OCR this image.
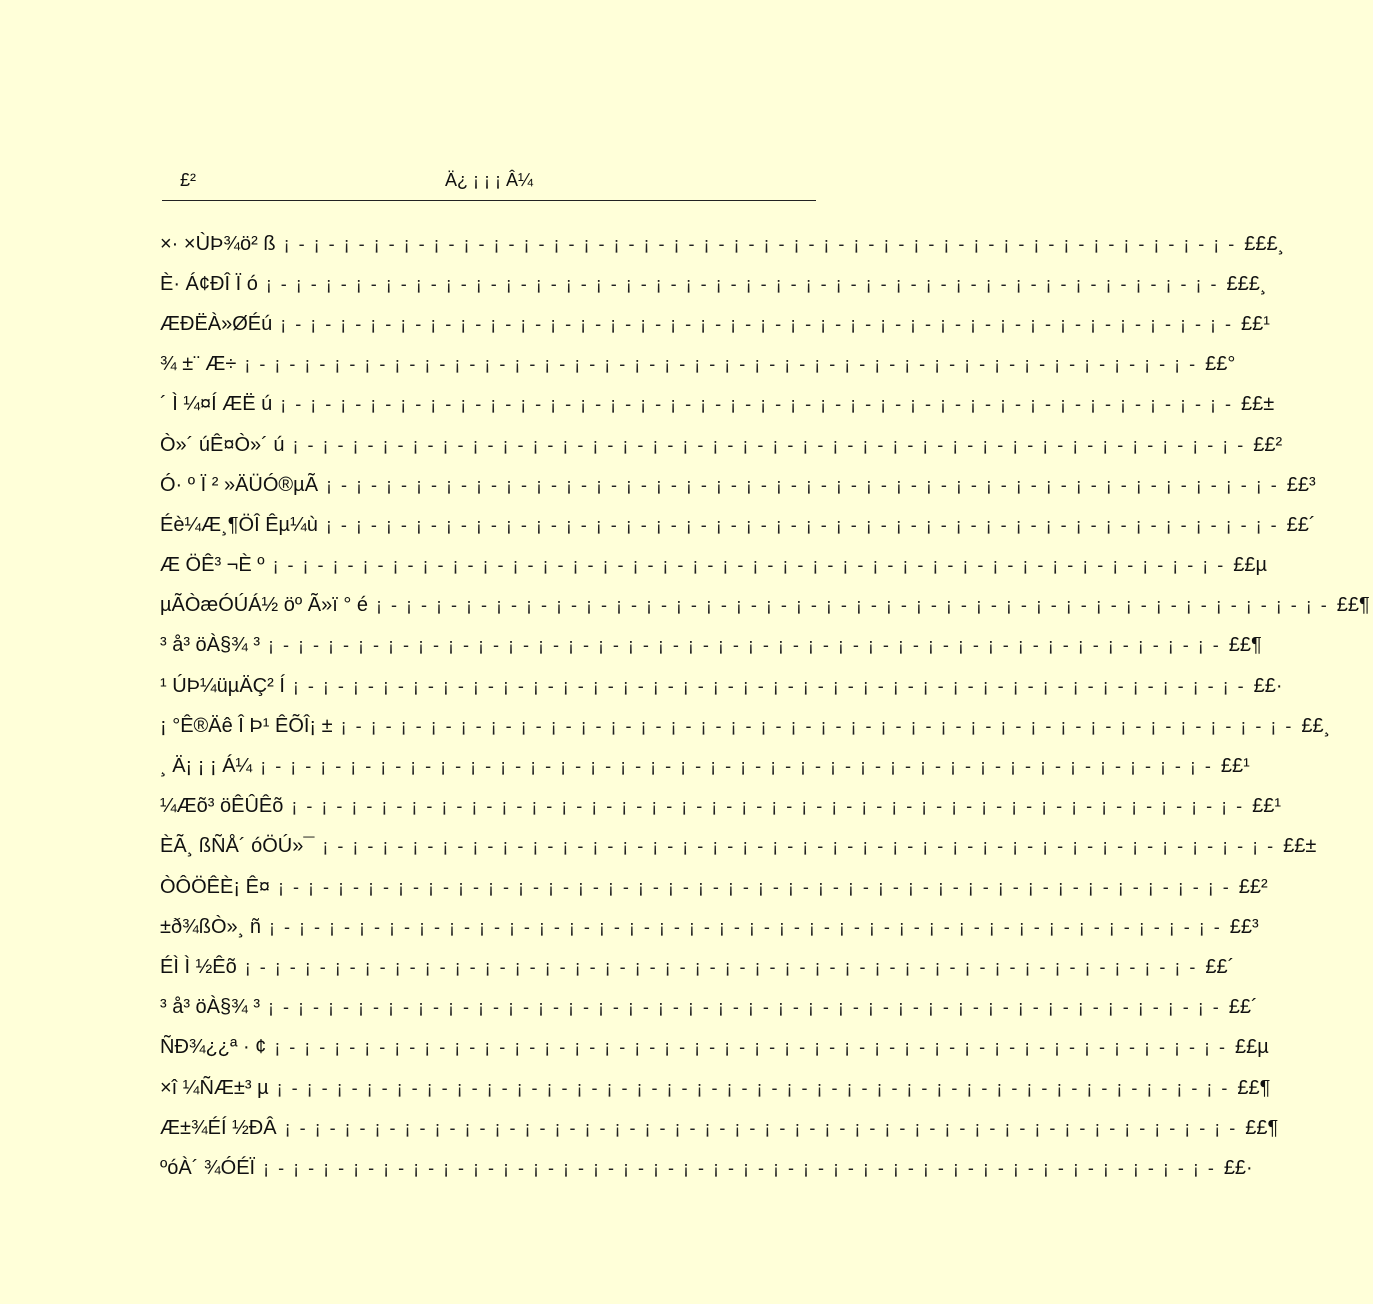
£²	Ä¿ ¡ ¡ ¡ Â¼
×· ×ÙÞ¾ö² ß ¡ - ¡ - ¡ - ¡ - ¡ - ¡ - ¡ - ¡ - ¡ - ¡ - ¡ - ¡ - ¡ - ¡ - ¡ - ¡ - ¡ - ¡ - ¡ - ¡ - ¡ - ¡ - ¡ - ¡ - ¡ - ¡ - ¡ - ¡ - ¡ - ¡ - ¡ - ¡ - £££¸
È· Á¢ÐÎ Ï ó ¡ - ¡ - ¡ - ¡ - ¡ - ¡ - ¡ - ¡ - ¡ - ¡ - ¡ - ¡ - ¡ - ¡ - ¡ - ¡ - ¡ - ¡ - ¡ - ¡ - ¡ - ¡ - ¡ - ¡ - ¡ - ¡ - ¡ - ¡ - ¡ - ¡ - ¡ - ¡ - £££¸
ÆÐËÀ»ØÉú ¡ - ¡ - ¡ - ¡ - ¡ - ¡ - ¡ - ¡ - ¡ - ¡ - ¡ - ¡ - ¡ - ¡ - ¡ - ¡ - ¡ - ¡ - ¡ - ¡ - ¡ - ¡ - ¡ - ¡ - ¡ - ¡ - ¡ - ¡ - ¡ - ¡ - ¡ - ¡ - ££¹
¾ ±¨ Æ÷ ¡ - ¡ - ¡ - ¡ - ¡ - ¡ - ¡ - ¡ - ¡ - ¡ - ¡ - ¡ - ¡ - ¡ - ¡ - ¡ - ¡ - ¡ - ¡ - ¡ - ¡ - ¡ - ¡ - ¡ - ¡ - ¡ - ¡ - ¡ - ¡ - ¡ - ¡ - ¡ - ££°
´ Ì ¼¤Í ÆË ú ¡ - ¡ - ¡ - ¡ - ¡ - ¡ - ¡ - ¡ - ¡ - ¡ - ¡ - ¡ - ¡ - ¡ - ¡ - ¡ - ¡ - ¡ - ¡ - ¡ - ¡ - ¡ - ¡ - ¡ - ¡ - ¡ - ¡ - ¡ - ¡ - ¡ - ¡ - ¡ - ££±
Ò»´ úÊ¤Ò»´ ú ¡ - ¡ - ¡ - ¡ - ¡ - ¡ - ¡ - ¡ - ¡ - ¡ - ¡ - ¡ - ¡ - ¡ - ¡ - ¡ - ¡ - ¡ - ¡ - ¡ - ¡ - ¡ - ¡ - ¡ - ¡ - ¡ - ¡ - ¡ - ¡ - ¡ - ¡ - ¡ - ££²
Ó· º Ï ² »ÄÜÓ®µÃ ¡ - ¡ - ¡ - ¡ - ¡ - ¡ - ¡ - ¡ - ¡ - ¡ - ¡ - ¡ - ¡ - ¡ - ¡ - ¡ - ¡ - ¡ - ¡ - ¡ - ¡ - ¡ - ¡ - ¡ - ¡ - ¡ - ¡ - ¡ - ¡ - ¡ - ¡ - ¡ - ££³
Éè¼Æ¸¶ÖÎ Êµ¼ù ¡ - ¡ - ¡ - ¡ - ¡ - ¡ - ¡ - ¡ - ¡ - ¡ - ¡ - ¡ - ¡ - ¡ - ¡ - ¡ - ¡ - ¡ - ¡ - ¡ - ¡ - ¡ - ¡ - ¡ - ¡ - ¡ - ¡ - ¡ - ¡ - ¡ - ¡ - ¡ - ££´
Æ ÖÊ³ ¬È º ¡ - ¡ - ¡ - ¡ - ¡ - ¡ - ¡ - ¡ - ¡ - ¡ - ¡ - ¡ - ¡ - ¡ - ¡ - ¡ - ¡ - ¡ - ¡ - ¡ - ¡ - ¡ - ¡ - ¡ - ¡ - ¡ - ¡ - ¡ - ¡ - ¡ - ¡ - ¡ - ££µ
µÃÒæÓÚÁ½ öº Ã»ï ° é ¡ - ¡ - ¡ - ¡ - ¡ - ¡ - ¡ - ¡ - ¡ - ¡ - ¡ - ¡ - ¡ - ¡ - ¡ - ¡ - ¡ - ¡ - ¡ - ¡ - ¡ - ¡ - ¡ - ¡ - ¡ - ¡ - ¡ - ¡ - ¡ - ¡ - ¡ - ¡ - ££¶
³ å³ öÀ§¾ ³ ¡ - ¡ - ¡ - ¡ - ¡ - ¡ - ¡ - ¡ - ¡ - ¡ - ¡ - ¡ - ¡ - ¡ - ¡ - ¡ - ¡ - ¡ - ¡ - ¡ - ¡ - ¡ - ¡ - ¡ - ¡ - ¡ - ¡ - ¡ - ¡ - ¡ - ¡ - ¡ - ££¶
¹ ÚÞ¼üµÄÇ² Í ¡ - ¡ - ¡ - ¡ - ¡ - ¡ - ¡ - ¡ - ¡ - ¡ - ¡ - ¡ - ¡ - ¡ - ¡ - ¡ - ¡ - ¡ - ¡ - ¡ - ¡ - ¡ - ¡ - ¡ - ¡ - ¡ - ¡ - ¡ - ¡ - ¡ - ¡ - ¡ - ££·
¡ °Ê®Äê Î Þ¹ ÊÕÎ¡ ± ¡ - ¡ - ¡ - ¡ - ¡ - ¡ - ¡ - ¡ - ¡ - ¡ - ¡ - ¡ - ¡ - ¡ - ¡ - ¡ - ¡ - ¡ - ¡ - ¡ - ¡ - ¡ - ¡ - ¡ - ¡ - ¡ - ¡ - ¡ - ¡ - ¡ - ¡ - ¡ - ££¸
¸ Ä¡ ¡ ¡ Á¼ ¡ - ¡ - ¡ - ¡ - ¡ - ¡ - ¡ - ¡ - ¡ - ¡ - ¡ - ¡ - ¡ - ¡ - ¡ - ¡ - ¡ - ¡ - ¡ - ¡ - ¡ - ¡ - ¡ - ¡ - ¡ - ¡ - ¡ - ¡ - ¡ - ¡ - ¡ - ¡ - ££¹
¼Æõ³ öÊÛÊõ ¡ - ¡ - ¡ - ¡ - ¡ - ¡ - ¡ - ¡ - ¡ - ¡ - ¡ - ¡ - ¡ - ¡ - ¡ - ¡ - ¡ - ¡ - ¡ - ¡ - ¡ - ¡ - ¡ - ¡ - ¡ - ¡ - ¡ - ¡ - ¡ - ¡ - ¡ - ¡ - ££¹
ÈÃ¸ ßÑÅ´ óÖÚ»¯ ¡ - ¡ - ¡ - ¡ - ¡ - ¡ - ¡ - ¡ - ¡ - ¡ - ¡ - ¡ - ¡ - ¡ - ¡ - ¡ - ¡ - ¡ - ¡ - ¡ - ¡ - ¡ - ¡ - ¡ - ¡ - ¡ - ¡ - ¡ - ¡ - ¡ - ¡ - ¡ - ££±
ÒÔÖÊÈ¡ Ê¤ ¡ - ¡ - ¡ - ¡ - ¡ - ¡ - ¡ - ¡ - ¡ - ¡ - ¡ - ¡ - ¡ - ¡ - ¡ - ¡ - ¡ - ¡ - ¡ - ¡ - ¡ - ¡ - ¡ - ¡ - ¡ - ¡ - ¡ - ¡ - ¡ - ¡ - ¡ - ¡ - ££²
±ð¾ßÒ»¸ ñ ¡ - ¡ - ¡ - ¡ - ¡ - ¡ - ¡ - ¡ - ¡ - ¡ - ¡ - ¡ - ¡ - ¡ - ¡ - ¡ - ¡ - ¡ - ¡ - ¡ - ¡ - ¡ - ¡ - ¡ - ¡ - ¡ - ¡ - ¡ - ¡ - ¡ - ¡ - ¡ - ££³
ÉÌ Ì ½Êõ ¡ - ¡ - ¡ - ¡ - ¡ - ¡ - ¡ - ¡ - ¡ - ¡ - ¡ - ¡ - ¡ - ¡ - ¡ - ¡ - ¡ - ¡ - ¡ - ¡ - ¡ - ¡ - ¡ - ¡ - ¡ - ¡ - ¡ - ¡ - ¡ - ¡ - ¡ - ¡ - ££´
³ å³ öÀ§¾ ³ ¡ - ¡ - ¡ - ¡ - ¡ - ¡ - ¡ - ¡ - ¡ - ¡ - ¡ - ¡ - ¡ - ¡ - ¡ - ¡ - ¡ - ¡ - ¡ - ¡ - ¡ - ¡ - ¡ - ¡ - ¡ - ¡ - ¡ - ¡ - ¡ - ¡ - ¡ - ¡ - ££´
ÑÐ¾¿¿ª · ¢ ¡ - ¡ - ¡ - ¡ - ¡ - ¡ - ¡ - ¡ - ¡ - ¡ - ¡ - ¡ - ¡ - ¡ - ¡ - ¡ - ¡ - ¡ - ¡ - ¡ - ¡ - ¡ - ¡ - ¡ - ¡ - ¡ - ¡ - ¡ - ¡ - ¡ - ¡ - ¡ - ££µ
×î ¼ÑÆ±³ µ ¡ - ¡ - ¡ - ¡ - ¡ - ¡ - ¡ - ¡ - ¡ - ¡ - ¡ - ¡ - ¡ - ¡ - ¡ - ¡ - ¡ - ¡ - ¡ - ¡ - ¡ - ¡ - ¡ - ¡ - ¡ - ¡ - ¡ - ¡ - ¡ - ¡ - ¡ - ¡ - ££¶
Æ±¾ÉÍ ½ÐÂ ¡ - ¡ - ¡ - ¡ - ¡ - ¡ - ¡ - ¡ - ¡ - ¡ - ¡ - ¡ - ¡ - ¡ - ¡ - ¡ - ¡ - ¡ - ¡ - ¡ - ¡ - ¡ - ¡ - ¡ - ¡ - ¡ - ¡ - ¡ - ¡ - ¡ - ¡ - ¡ - ££¶
ºóÀ´ ¾ÓÉÏ ¡ - ¡ - ¡ - ¡ - ¡ - ¡ - ¡ - ¡ - ¡ - ¡ - ¡ - ¡ - ¡ - ¡ - ¡ - ¡ - ¡ - ¡ - ¡ - ¡ - ¡ - ¡ - ¡ - ¡ - ¡ - ¡ - ¡ - ¡ - ¡ - ¡ - ¡ - ¡ - ££·
